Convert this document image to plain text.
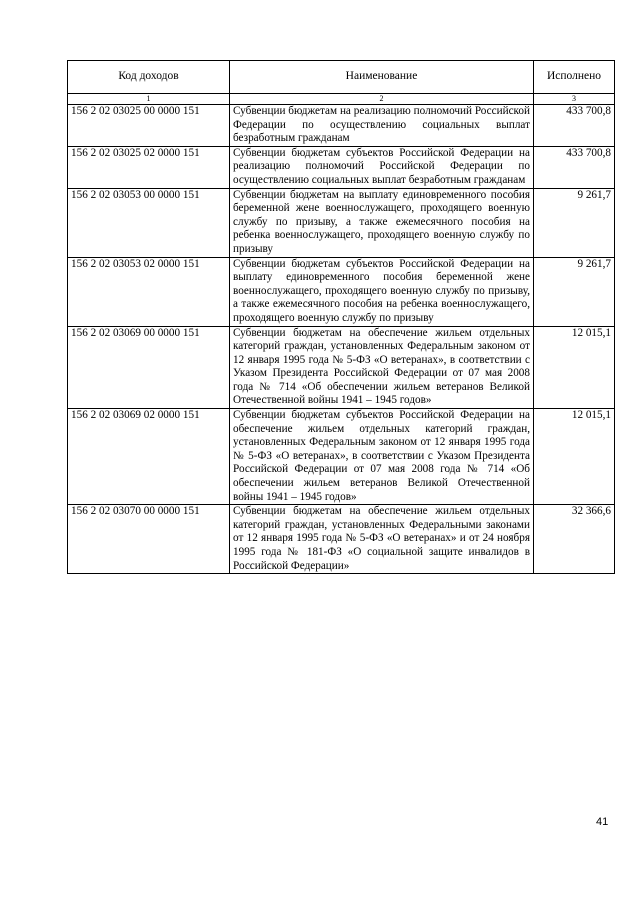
Код доходов	Наименование	Исполнено
1	2	3
156 2 02 03025 00 0000 151	Субвенции бюджетам на реализацию полномочий Российской Федерации по осуществлению социальных выплат безработным гражданам	433 700,8
156 2 02 03025 02 0000 151	Субвенции бюджетам субъектов Российской Федерации на реализацию полномочий Российской Федерации по осуществлению социальных выплат безработным гражданам	433 700,8
156 2 02 03053 00 0000 151	Субвенции бюджетам на выплату единовременного пособия беременной жене военнослужащего, проходящего военную службу по призыву, а также ежемесячного пособия на ребенка военнослужащего, проходящего военную службу по призыву	9 261,7
156 2 02 03053 02 0000 151	Субвенции бюджетам субъектов Российской Федерации на выплату единовременного пособия беременной жене военнослужащего, проходящего военную службу по призыву, а также ежемесячного пособия на ребенка военнослужащего, проходящего военную службу по призыву	9 261,7
156 2 02 03069 00 0000 151	Субвенции бюджетам на обеспечение жильем отдельных категорий граждан, установленных Федеральным законом от 12 января 1995 года № 5-ФЗ «О ветеранах», в соответствии с Указом Президента Российской Федерации от 07 мая 2008 года № 714 «Об обеспечении жильем ветеранов Великой Отечественной войны 1941 – 1945 годов»	12 015,1
156 2 02 03069 02 0000 151	Субвенции бюджетам субъектов Российской Федерации на обеспечение жильем отдельных категорий граждан, установленных Федеральным законом от 12 января 1995 года № 5-ФЗ «О ветеранах», в соответствии с Указом Президента Российской Федерации от 07 мая 2008 года № 714 «Об обеспечении жильем ветеранов Великой Отечественной войны 1941 – 1945 годов»	12 015,1
156 2 02 03070 00 0000 151	Субвенции бюджетам на обеспечение жильем отдельных категорий граждан, установленных Федеральными законами от 12 января 1995 года № 5-ФЗ «О ветеранах» и от 24 ноября 1995 года № 181-ФЗ «О социальной защите инвалидов в Российской Федерации»	32 366,6
41
